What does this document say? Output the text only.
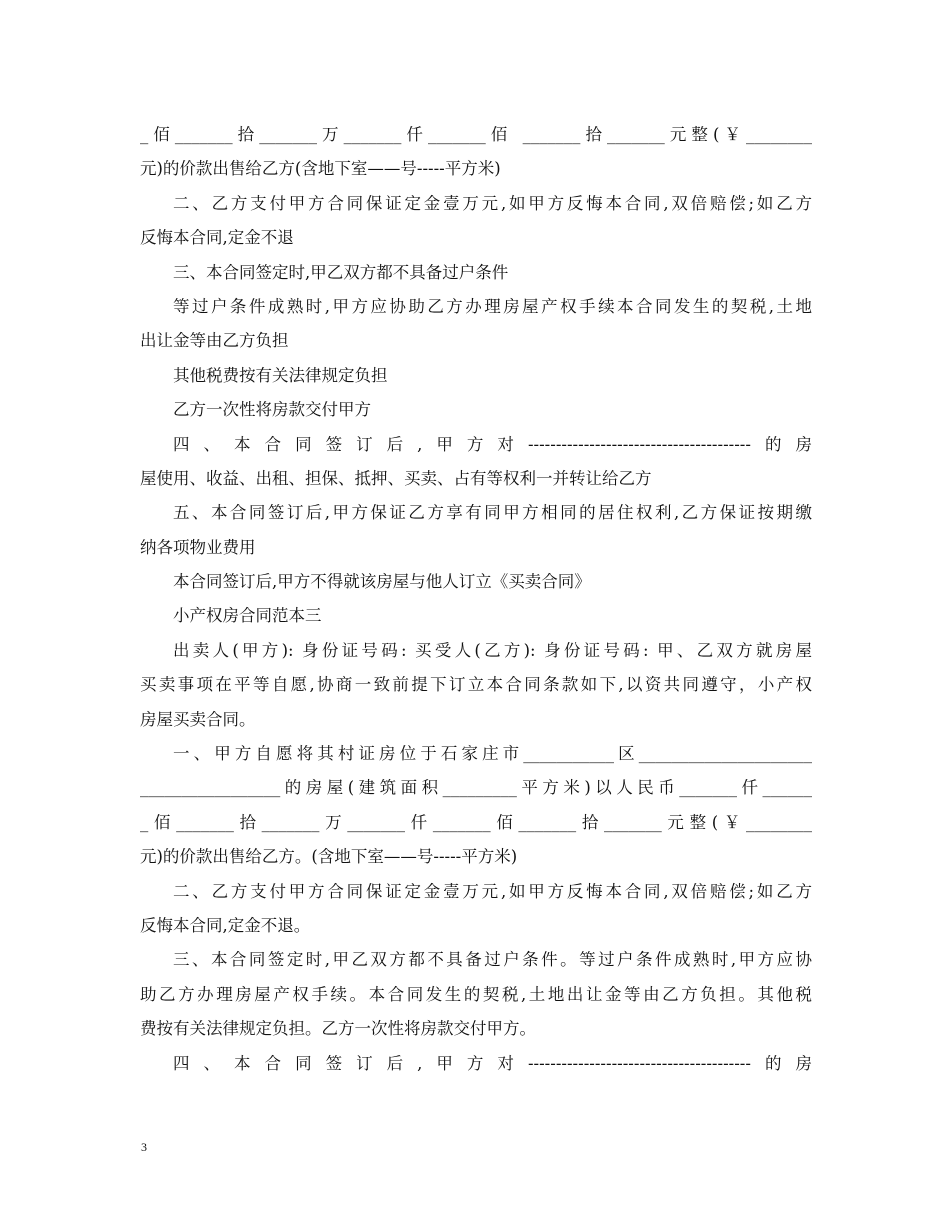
_佰_______拾_______万_______仟_______佰 _______拾_______元整(￥________
元)的价款出售给乙方(含地下室——号-----平方米)
二、乙方支付甲方合同保证定金壹万元,如甲方反悔本合同,双倍赔偿;如乙方
反悔本合同,定金不退
三、本合同签定时,甲乙双方都不具备过户条件
等过户条件成熟时,甲方应协助乙方办理房屋产权手续本合同发生的契税,土地
出让金等由乙方负担
其他税费按有关法律规定负担
乙方一次性将房款交付甲方
四、本合同签订后,甲方对----------------------------------------的房
屋使用、收益、出租、担保、抵押、买卖、占有等权利一并转让给乙方
五、本合同签订后,甲方保证乙方享有同甲方相同的居住权利,乙方保证按期缴
纳各项物业费用
本合同签订后,甲方不得就该房屋与他人订立《买卖合同》
小产权房合同范本三
出卖人(甲方): 身份证号码: 买受人(乙方): 身份证号码: 甲、乙双方就房屋
买卖事项在平等自愿,协商一致前提下订立本合同条款如下,以资共同遵守，小产权
房屋买卖合同。
一、甲方自愿将其村证房位于石家庄市___________区_____________________
_________________的房屋(建筑面积_________平方米)以人民币_______仟______
_佰_______拾_______万_______仟_______佰_______拾_______元整(￥________
元)的价款出售给乙方。(含地下室——号-----平方米)
二、乙方支付甲方合同保证定金壹万元,如甲方反悔本合同,双倍赔偿;如乙方
反悔本合同,定金不退。
三、本合同签定时,甲乙双方都不具备过户条件。等过户条件成熟时,甲方应协
助乙方办理房屋产权手续。本合同发生的契税,土地出让金等由乙方负担。其他税
费按有关法律规定负担。乙方一次性将房款交付甲方。
四、本合同签订后,甲方对----------------------------------------的房
3
